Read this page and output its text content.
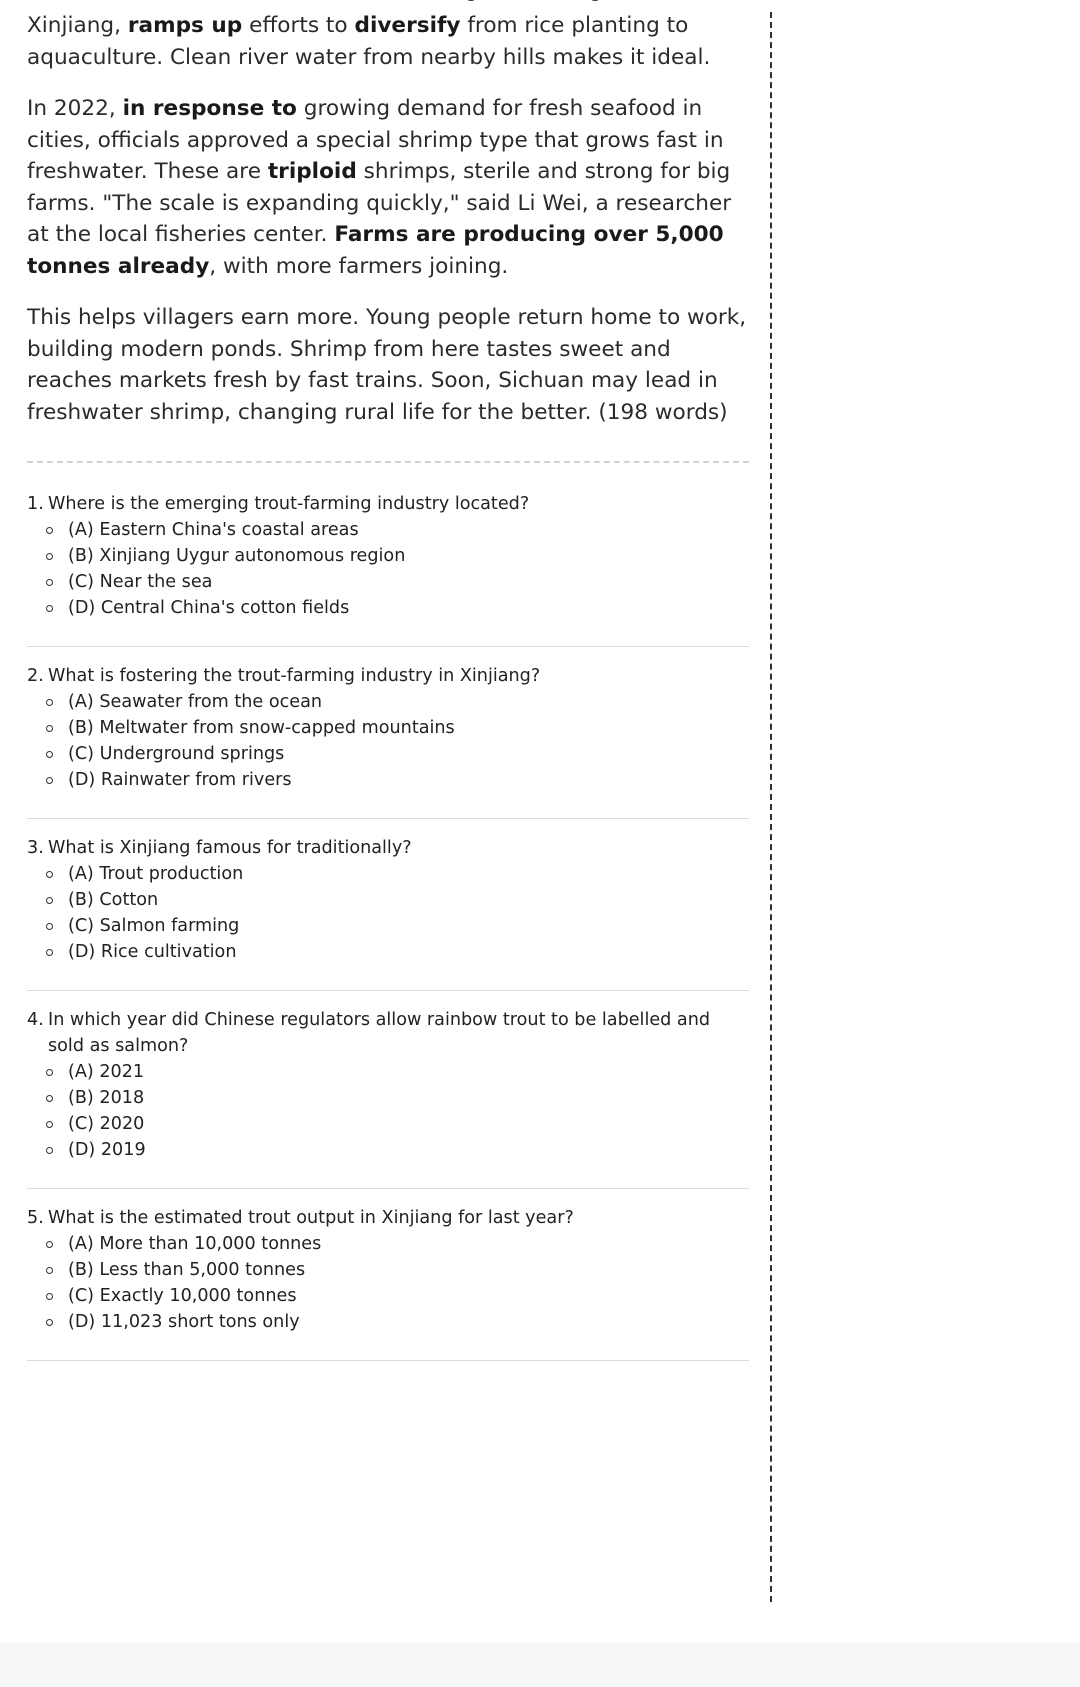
Xinjiang, ramps up efforts to diversify from rice planting to aquaculture. Clean river water from nearby hills makes it ideal.

In 2022, in response to growing demand for fresh seafood in cities, officials approved a special shrimp type that grows fast in freshwater. These are triploid shrimps, sterile and strong for big farms. "The scale is expanding quickly," said Li Wei, a researcher at the local fisheries center. Farms are producing over 5,000 tonnes already, with more farmers joining.

This helps villagers earn more. Young people return home to work, building modern ponds. Shrimp from here tastes sweet and reaches markets fresh by fast trains. Soon, Sichuan may lead in freshwater shrimp, changing rural life for the better. (198 words)

1. Where is the emerging trout-farming industry located?

(A) Eastern China's coastal areas
(B) Xinjiang Uygur autonomous region
(C) Near the sea
(D) Central China's cotton fields

2. What is fostering the trout-farming industry in Xinjiang?

(A) Seawater from the ocean
(B) Meltwater from snow-capped mountains
(C) Underground springs
(D) Rainwater from rivers

3. What is Xinjiang famous for traditionally?

(A) Trout production
(B) Cotton
(C) Salmon farming
(D) Rice cultivation

4. In which year did Chinese regulators allow rainbow trout to be labelled and sold as salmon?

(A) 2021
(B) 2018
(C) 2020
(D) 2019

5. What is the estimated trout output in Xinjiang for last year?

(A) More than 10,000 tonnes
(B) Less than 5,000 tonnes
(C) Exactly 10,000 tonnes
(D) 11,023 short tons only
